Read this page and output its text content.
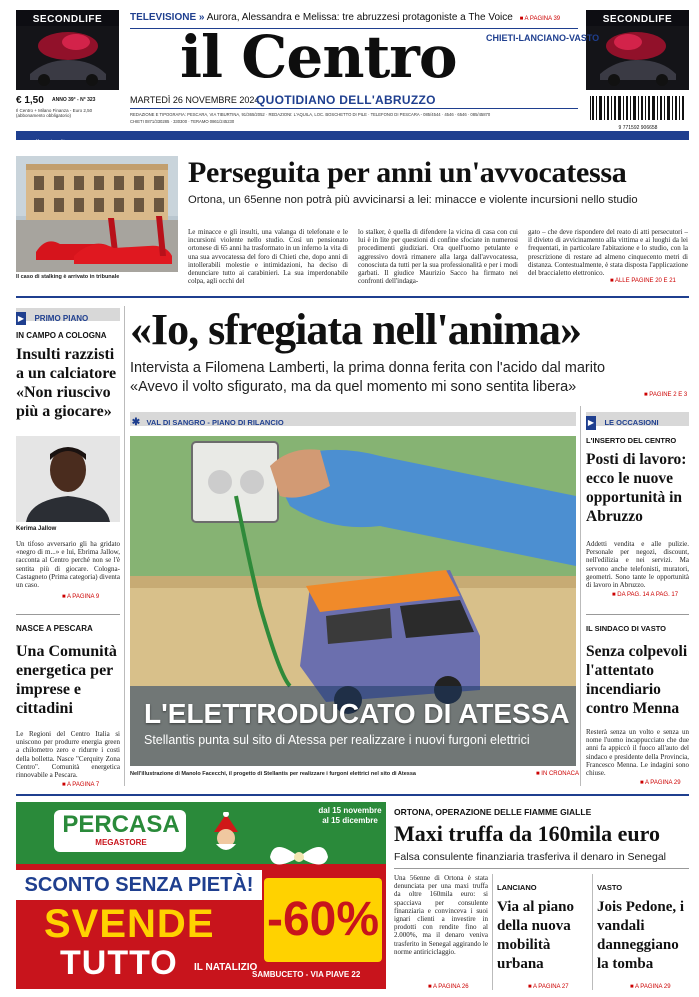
SECONDLIFE	SECONDLIFE
TELEVISIONE » Aurora, Alessandra e Melissa: tre abruzzesi protagoniste a The Voice ■ A PAGINA 39
il Centro	CHIETI-LANCIANO-VASTO
€ 1,50 ANNO 39° - N° 323
Il Centro + Milano Finanza - Euro 2,50 (abbonamento obbligatorio)
MARTEDÌ 26 NOVEMBRE 2024
QUOTIDIANO DELL'ABRUZZO
REDAZIONE E TIPOGRAFIA: PESCARA, VIA TIBURTINA, 91/365/2052 · REDAZIONI: L'AQUILA, LOC. BOSCHETTO DI PILE · TELEFONO DI PESCARA - 085/4544 · 4546 · 6546 · 085/45870
CHIETI 0871/330285 · 330300 · TERAMO 0861/245230
9 771592 906658
www.ilcentro.it
Il caso di stalking è arrivato in tribunale
Perseguita per anni un'avvocatessa
Ortona, un 65enne non potrà più avvicinarsi a lei: minacce e violente incursioni nello studio
Le minacce e gli insulti, una valanga di telefonate e le incursioni violente nello studio. Così un pensionato ortonese di 65 anni ha trasformato in un inferno la vita di una sua avvocatessa del foro di Chieti che, dopo anni di intollerabili molestie e intimidazioni, ha deciso di denunciare tutto ai carabinieri. La sua imperdonabile colpa, agli occhi del
lo stalker, è quella di difendere la vicina di casa con cui lui è in lite per questioni di confine sfociate in numerosi procedimenti giudiziari. Ora quell'uomo petulante e aggressivo dovrà rimanere alla larga dall'avvocatessa, conosciuta da tutti per la sua professionalità e per i modi garbati. Il giudice Maurizio Sacco ha firmato nei confronti dell'indaga-
gato – che deve rispondere del reato di atti persecutori – il divieto di avvicinamento alla vittima e ai luoghi da lei frequentati, in particolare l'abitazione e lo studio, con la prescrizione di restare ad almeno cinquecento metri di distanza. Contestualmente, è stata disposta l'applicazione del braccialetto elettronico.
■ ALLE PAGINE 20 E 21
▶ PRIMO PIANO
IN CAMPO A COLOGNA
Insulti razzisti a un calciatore «Non riuscivo più a giocare»
Kerima Jallow
Un tifoso avversario gli ha gridato «negro di m...» e lui, Ebrima Jallow, racconta al Centro perché non se l'è sentita più di giocare. Cologna-Castagneto (Prima categoria) diventa un caso.
■ A PAGINA 9
NASCE A PESCARA
Una Comunità energetica per imprese e cittadini
Le Regioni del Centro Italia si uniscono per produrre energia green a chilometro zero e ridurre i costi della bolletta. Nasce "Cerquity Zona Centro". Comunità energetica rinnovabile a Pescara.
■ A PAGINA 7
«Io, sfregiata nell'anima»
Intervista a Filomena Lamberti, la prima donna ferita con l'acido dal marito
«Avevo il volto sfigurato, ma da quel momento mi sono sentita libera»	■ PAGINE 2 E 3
✱ VAL DI SANGRO - PIANO DI RILANCIO
L'ELETTRODUCATO DI ATESSA
Stellantis punta sul sito di Atessa per realizzare i nuovi furgoni elettrici
Nell'illustrazione di Manolo Facecchi, il progetto di Stellantis per realizzare i furgoni elettrici nel sito di Atessa	■ IN CRONACA
▶ LE OCCASIONI
L'INSERTO DEL CENTRO
Posti di lavoro: ecco le nuove opportunità in Abruzzo
Addetti vendita e alle pulizie. Personale per negozi, discount, nell'edilizia e nei servizi. Ma servono anche telefonisti, muratori, geometri. Sono tante le opportunità di lavoro in Abruzzo.
■ DA PAG. 14 A PAG. 17
IL SINDACO DI VASTO
Senza colpevoli l'attentato incendiario contro Menna
Resterà senza un volto e senza un nome l'uomo incappucciato che due anni fa appiccò il fuoco all'auto del sindaco e presidente della Provincia, Francesco Menna. Le indagini sono chiuse.
■ A PAGINA 29
PERCASA
MEGASTORE
dal 15 novembre al 15 dicembre
SCONTO SENZA PIETÀ!
SVENDE
TUTTO IL NATALIZIO
-60%
SAMBUCETO - VIA PIAVE 22
ORTONA, OPERAZIONE DELLE FIAMME GIALLE
Maxi truffa da 160mila euro
Falsa consulente finanziaria trasferiva il denaro in Senegal
Una 56enne di Ortona è stata denunciata per una maxi truffa da oltre 160mila euro: si spacciava per consulente finanziaria e convinceva i suoi ignari clienti a investire in prodotti con rendite fino al 2.000%, ma il denaro veniva trasferito in Senegal aggirando le norme antiriciclaggio.
■ A PAGINA 26
LANCIANO
Via al piano della nuova mobilità urbana
■ A PAGINA 27
VASTO
Jois Pedone, i vandali danneggiano la tomba
■ A PAGINA 29
